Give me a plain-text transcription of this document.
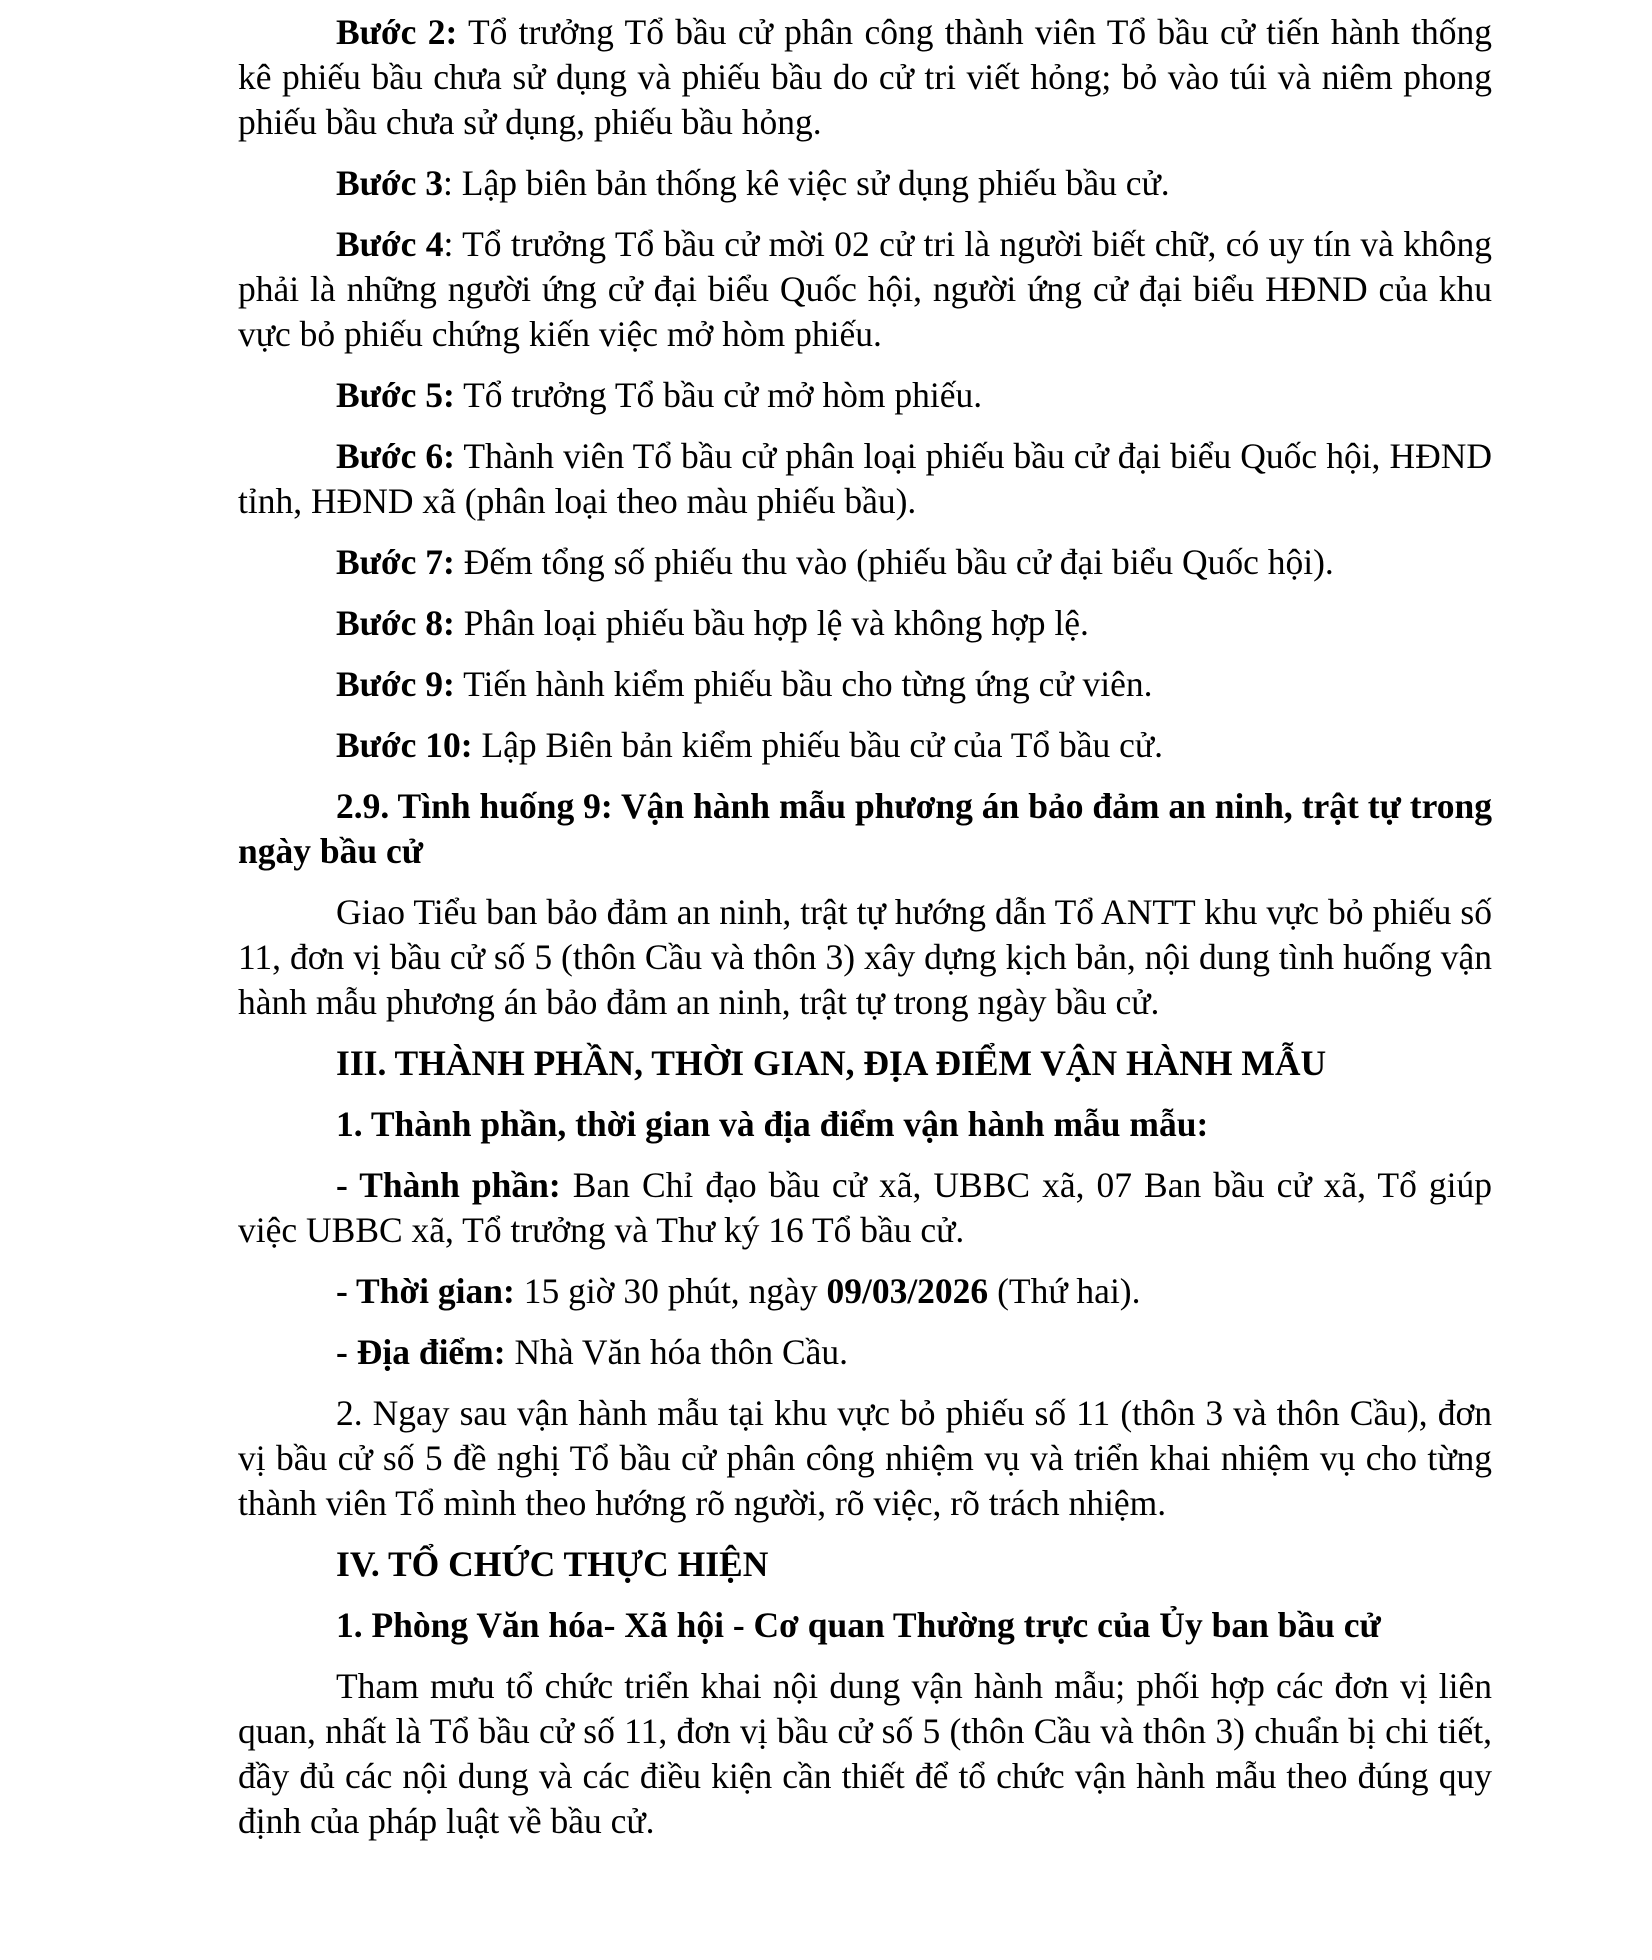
Bước 2: Tổ trưởng Tổ bầu cử phân công thành viên Tổ bầu cử tiến hành thống kê phiếu bầu chưa sử dụng và phiếu bầu do cử tri viết hỏng; bỏ vào túi và niêm phong phiếu bầu chưa sử dụng, phiếu bầu hỏng.

Bước 3: Lập biên bản thống kê việc sử dụng phiếu bầu cử.

Bước 4: Tổ trưởng Tổ bầu cử mời 02 cử tri là người biết chữ, có uy tín và không phải là những người ứng cử đại biểu Quốc hội, người ứng cử đại biểu HĐND của khu vực bỏ phiếu chứng kiến việc mở hòm phiếu.

Bước 5: Tổ trưởng Tổ bầu cử mở hòm phiếu.

Bước 6: Thành viên Tổ bầu cử phân loại phiếu bầu cử đại biểu Quốc hội, HĐND tỉnh, HĐND xã (phân loại theo màu phiếu bầu).

Bước 7: Đếm tổng số phiếu thu vào (phiếu bầu cử đại biểu Quốc hội).

Bước 8: Phân loại phiếu bầu hợp lệ và không hợp lệ.

Bước 9: Tiến hành kiểm phiếu bầu cho từng ứng cử viên.

Bước 10: Lập Biên bản kiểm phiếu bầu cử của Tổ bầu cử.

2.9. Tình huống 9: Vận hành mẫu phương án bảo đảm an ninh, trật tự trong ngày bầu cử

Giao Tiểu ban bảo đảm an ninh, trật tự hướng dẫn Tổ ANTT khu vực bỏ phiếu số 11, đơn vị bầu cử số 5 (thôn Cầu và thôn 3) xây dựng kịch bản, nội dung tình huống vận hành mẫu phương án bảo đảm an ninh, trật tự trong ngày bầu cử.

III. THÀNH PHẦN, THỜI GIAN, ĐỊA ĐIỂM VẬN HÀNH MẪU

1. Thành phần, thời gian và địa điểm vận hành mẫu mẫu:

- Thành phần: Ban Chỉ đạo bầu cử xã, UBBC xã, 07 Ban bầu cử xã, Tổ giúp việc UBBC xã, Tổ trưởng và Thư ký 16 Tổ bầu cử.

- Thời gian: 15 giờ 30 phút, ngày 09/03/2026 (Thứ hai).

- Địa điểm: Nhà Văn hóa thôn Cầu.

2. Ngay sau vận hành mẫu tại khu vực bỏ phiếu số 11 (thôn 3 và thôn Cầu), đơn vị bầu cử số 5 đề nghị Tổ bầu cử phân công nhiệm vụ và triển khai nhiệm vụ cho từng thành viên Tổ mình theo hướng rõ người, rõ việc, rõ trách nhiệm.

IV. TỔ CHỨC THỰC HIỆN

1. Phòng Văn hóa- Xã hội - Cơ quan Thường trực của Ủy ban bầu cử

Tham mưu tổ chức triển khai nội dung vận hành mẫu; phối hợp các đơn vị liên quan, nhất là Tổ bầu cử số 11, đơn vị bầu cử số 5 (thôn Cầu và thôn 3) chuẩn bị chi tiết, đầy đủ các nội dung và các điều kiện cần thiết để tổ chức vận hành mẫu theo đúng quy định của pháp luật về bầu cử.
